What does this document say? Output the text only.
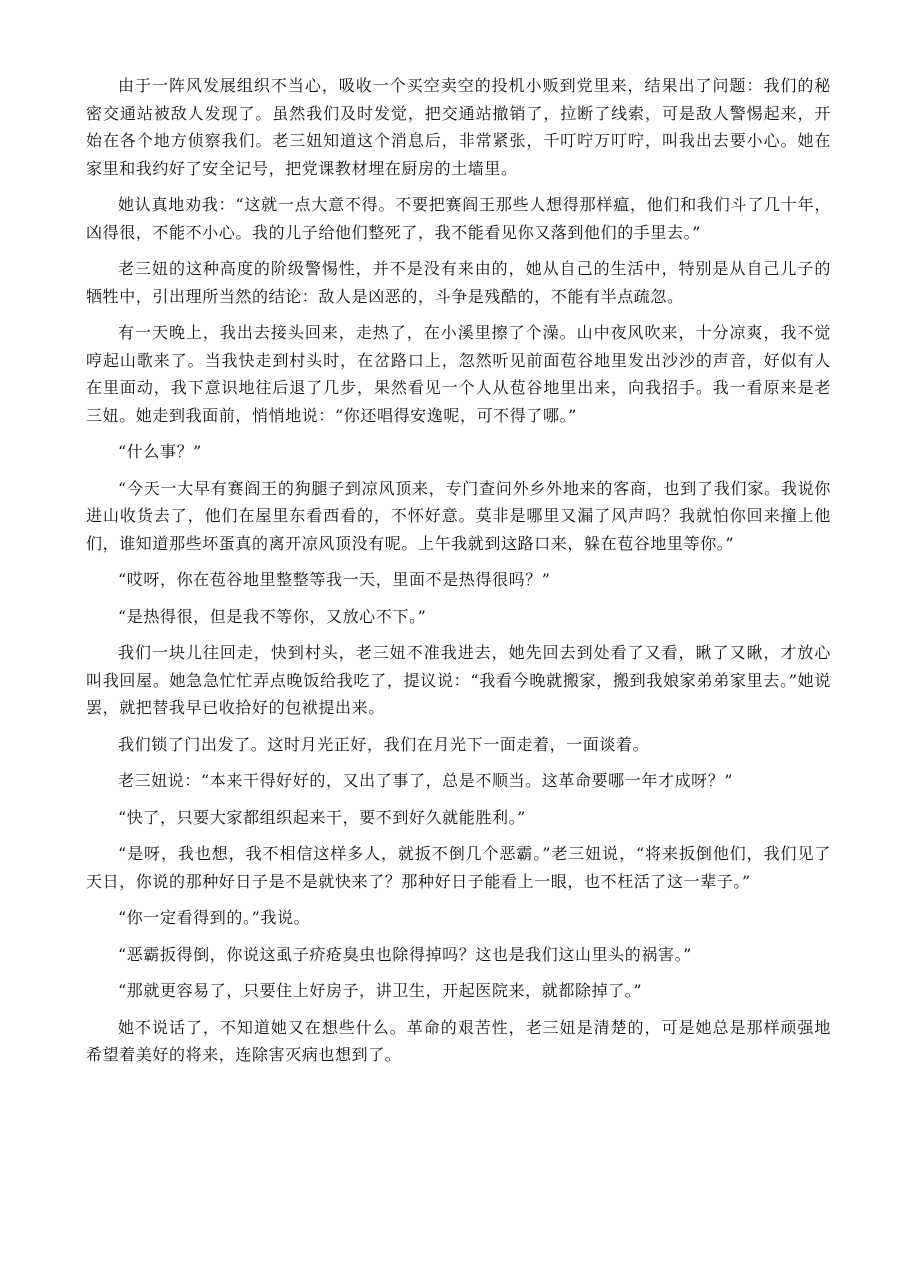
由于一阵风发展组织不当心，吸收一个买空卖空的投机小贩到党里来，结果出了问题：我们的秘密交通站被敌人发现了。虽然我们及时发觉，把交通站撤销了，拉断了线索，可是敌人警惕起来，开始在各个地方侦察我们。老三妞知道这个消息后，非常紧张，千叮咛万叮咛，叫我出去要小心。她在家里和我约好了安全记号，把党课教材埋在厨房的土墙里。

她认真地劝我：“这就一点大意不得。不要把赛阎王那些人想得那样瘟，他们和我们斗了几十年，凶得很，不能不小心。我的儿子给他们整死了，我不能看见你又落到他们的手里去。”

老三妞的这种高度的阶级警惕性，并不是没有来由的，她从自己的生活中，特别是从自己儿子的牺牲中，引出理所当然的结论：敌人是凶恶的，斗争是残酷的，不能有半点疏忽。

有一天晚上，我出去接头回来，走热了，在小溪里擦了个澡。山中夜风吹来，十分凉爽，我不觉哼起山歌来了。当我快走到村头时，在岔路口上，忽然听见前面苞谷地里发出沙沙的声音，好似有人在里面动，我下意识地往后退了几步，果然看见一个人从苞谷地里出来，向我招手。我一看原来是老三妞。她走到我面前，悄悄地说：“你还唱得安逸呢，可不得了哪。”

“什么事？”

“今天一大早有赛阎王的狗腿子到凉风顶来，专门查问外乡外地来的客商，也到了我们家。我说你进山收货去了，他们在屋里东看西看的，不怀好意。莫非是哪里又漏了风声吗？我就怕你回来撞上他们，谁知道那些坏蛋真的离开凉风顶没有呢。上午我就到这路口来，躲在苞谷地里等你。”

“哎呀，你在苞谷地里整整等我一天，里面不是热得很吗？”

“是热得很，但是我不等你，又放心不下。”

我们一块儿往回走，快到村头，老三妞不准我进去，她先回去到处看了又看，瞅了又瞅，才放心叫我回屋。她急急忙忙弄点晚饭给我吃了，提议说：“我看今晚就搬家，搬到我娘家弟弟家里去。”她说罢，就把替我早已收拾好的包袱提出来。

我们锁了门出发了。这时月光正好，我们在月光下一面走着，一面谈着。

老三妞说：“本来干得好好的，又出了事了，总是不顺当。这革命要哪一年才成呀？”

“快了，只要大家都组织起来干，要不到好久就能胜利。”

“是呀，我也想，我不相信这样多人，就扳不倒几个恶霸。”老三妞说，“将来扳倒他们，我们见了天日，你说的那种好日子是不是就快来了？那种好日子能看上一眼，也不枉活了这一辈子。”

“你一定看得到的。”我说。

“恶霸扳得倒，你说这虱子疥疮臭虫也除得掉吗？这也是我们这山里头的祸害。”

“那就更容易了，只要住上好房子，讲卫生，开起医院来，就都除掉了。”

她不说话了，不知道她又在想些什么。革命的艰苦性，老三妞是清楚的，可是她总是那样顽强地希望着美好的将来，连除害灭病也想到了。
